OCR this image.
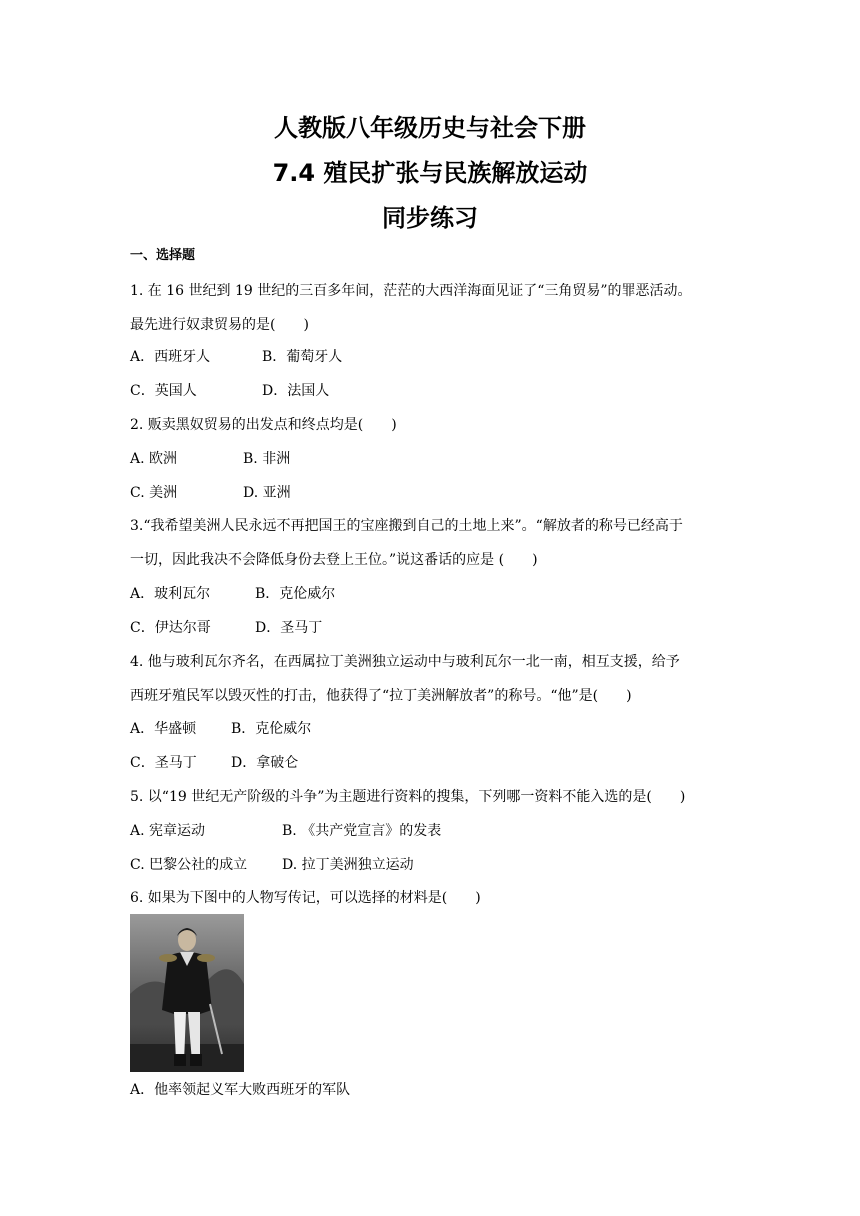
人教版八年级历史与社会下册
7.4 殖民扩张与民族解放运动
同步练习
一、选择题
1. 在 16 世纪到 19 世纪的三百多年间，茫茫的大西洋海面见证了“三角贸易”的罪恶活动。
最先进行奴隶贸易的是(　　)
A．西班牙人	B．葡萄牙人
C．英国人	D．法国人
2. 贩卖黑奴贸易的出发点和终点均是(　　)
A. 欧洲	B. 非洲
C. 美洲	D. 亚洲
3.“我希望美洲人民永远不再把国王的宝座搬到自己的土地上来”。“解放者的称号已经高于
一切，因此我决不会降低身份去登上王位。”说这番话的应是 (　　)
A．玻利瓦尔	B．克伦威尔
C．伊达尔哥	D．圣马丁
4. 他与玻利瓦尔齐名，在西属拉丁美洲独立运动中与玻利瓦尔一北一南，相互支援，给予
西班牙殖民军以毁灭性的打击，他获得了“拉丁美洲解放者”的称号。“他”是(　　)
A．华盛顿 B．克伦威尔
C．圣马丁 D．拿破仑
5. 以“19 世纪无产阶级的斗争”为主题进行资料的搜集，下列哪一资料不能入选的是(　　)
A. 宪章运动	B. 《共产党宣言》的发表
C. 巴黎公社的成立 D. 拉丁美洲独立运动
6. 如果为下图中的人物写传记，可以选择的材料是(　　)
A．他率领起义军大败西班牙的军队
